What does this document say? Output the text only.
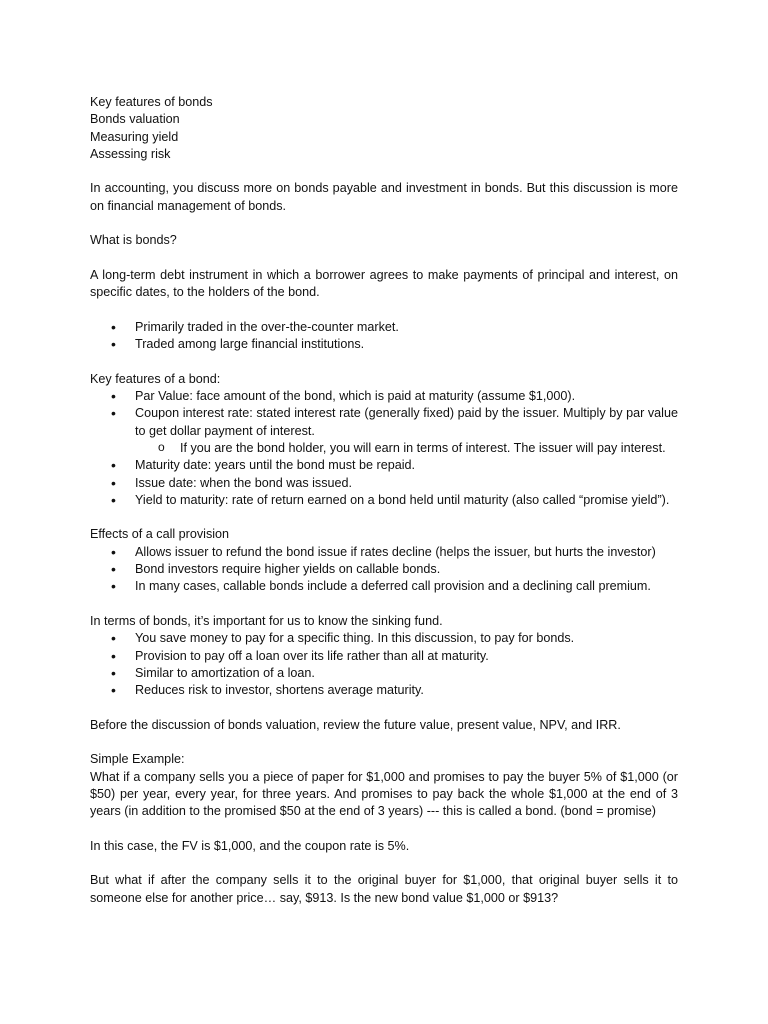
Key features of bonds

Bonds valuation

Measuring yield

Assessing risk

In accounting, you discuss more on bonds payable and investment in bonds. But this discussion is more on financial management of bonds.

What is bonds?

A long-term debt instrument in which a borrower agrees to make payments of principal and interest, on specific dates, to the holders of the bond.

• Primarily traded in the over-the-counter market.
• Traded among large financial institutions.

Key features of a bond:

• Par Value: face amount of the bond, which is paid at maturity (assume $1,000).
• Coupon interest rate: stated interest rate (generally fixed) paid by the issuer. Multiply by par value to get dollar payment of interest.
o If you are the bond holder, you will earn in terms of interest. The issuer will pay interest.
• Maturity date: years until the bond must be repaid.
• Issue date: when the bond was issued.
• Yield to maturity: rate of return earned on a bond held until maturity (also called “promise yield”).

Effects of a call provision

• Allows issuer to refund the bond issue if rates decline (helps the issuer, but hurts the investor)
• Bond investors require higher yields on callable bonds.
• In many cases, callable bonds include a deferred call provision and a declining call premium.

In terms of bonds, it’s important for us to know the sinking fund.

• You save money to pay for a specific thing. In this discussion, to pay for bonds.
• Provision to pay off a loan over its life rather than all at maturity.
• Similar to amortization of a loan.
• Reduces risk to investor, shortens average maturity.

Before the discussion of bonds valuation, review the future value, present value, NPV, and IRR.

Simple Example:

What if a company sells you a piece of paper for $1,000 and promises to pay the buyer 5% of $1,000 (or $50) per year, every year, for three years. And promises to pay back the whole $1,000 at the end of 3 years (in addition to the promised $50 at the end of 3 years) --- this is called a bond. (bond = promise)

In this case, the FV is $1,000, and the coupon rate is 5%.

But what if after the company sells it to the original buyer for $1,000, that original buyer sells it to someone else for another price… say, $913. Is the new bond value $1,000 or $913?
